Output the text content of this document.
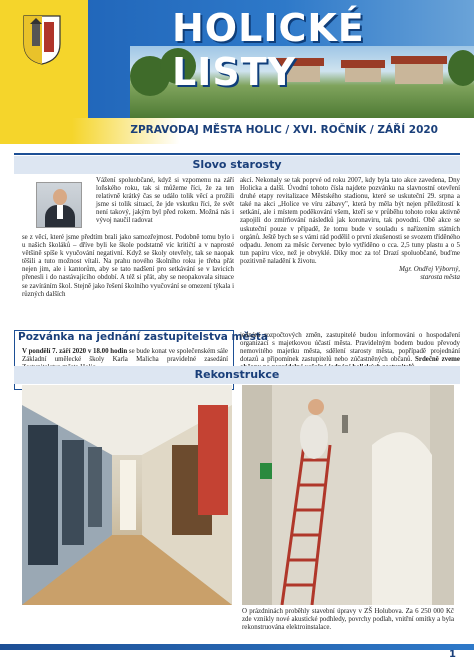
HOLICKÉ LISTY
ZPRAVODAJ MĚSTA HOLIC / XVI. ROČNÍK / ZÁŘÍ 2020
Slovo starosty
Vážení spoluobčané, když si vzpomenu na září loňského roku, tak si můžeme říci, že za ten relativně krátký čas se událo tolik věcí a prožili jsme si tolik situací, že jde vskutku říci, že svět není takový, jakým byl před rokem. Možná nás i vývoj naučil radovat
se z věcí, které jsme předtím brali jako samozřejmost. Podobně tomu bylo i u našich školáků – dříve byli ke škole podstatně víc kritičtí a v naprosté většině spíše k vyučování negativní. Když se školy otevřely, tak se naopak těšili a tuto možnost vítali. Na prahu nového školního roku je třeba přát nejen jim, ale i kantorům, aby se tato nadšení pro setkávání se v lavicích přenesli i do nastávajícího období. A též si přát, aby se neopakovala situace se zavíráním škol. Stejně jako řešení školního vyučování se omezení týkala i různých dalších

akcí. Nekonaly se tak poprvé od roku 2007, kdy byla tato akce zavedena, Dny Holicka a další. Úvodní tohoto čísla najdete pozvánku na slavnostní otevření druhé etapy revitalizace Městského stadionu, které se uskuteční 29. srpna a také na akci „Holice ve víru zábavy", která by měla být nejen příležitostí k setkání, ale i místem poděkování všem, kteří se v průběhu tohoto roku aktivně zapojili do zmírňování následků jak koronaviru, tak povodní. Obě akce se uskuteční pouze v případě, že tomu bude v souladu s nařízením státních orgánů. Ještě bych se s vámi rád podělil o první zkušenosti se svozem tříděného odpadu. Jenom za měsíc červenec bylo vytříděno o cca. 2,5 tuny plastu a o 5 tun papíru více, než je obvyklé. Díky moc za to! Drazí spoluobčané, buďme pozitivně naladění k životu.

Mgr. Ondřej Výborný,

starosta města

Pozvánka na jednání zastupitelstva města
V pondělí 7. září 2020 v 18.00 hodin se bude konat ve společenském sále Základní umělecké školy Karla Malicha pravidelné zasedání
jednání rozpočtových změn, zastupitelé budou informováni o hospodaření organizací s majetkovou účastí města. Pravidelným bodem budou převody nemovitého majetku města, sdělení starosty města, popřípadě projednání dotazů a připomínek zastupitelů nebo zúčastněných občanů. Srdečně zveme
Rekonstrukce
O prázdninách proběhly stavební úpravy v ZŠ Holubova. Za 6 250 000 Kč zde vznikly nové akustické podhledy, povrchy podlah, vnitřní omítky a byla rekonstruována elektroinstalace.
1
